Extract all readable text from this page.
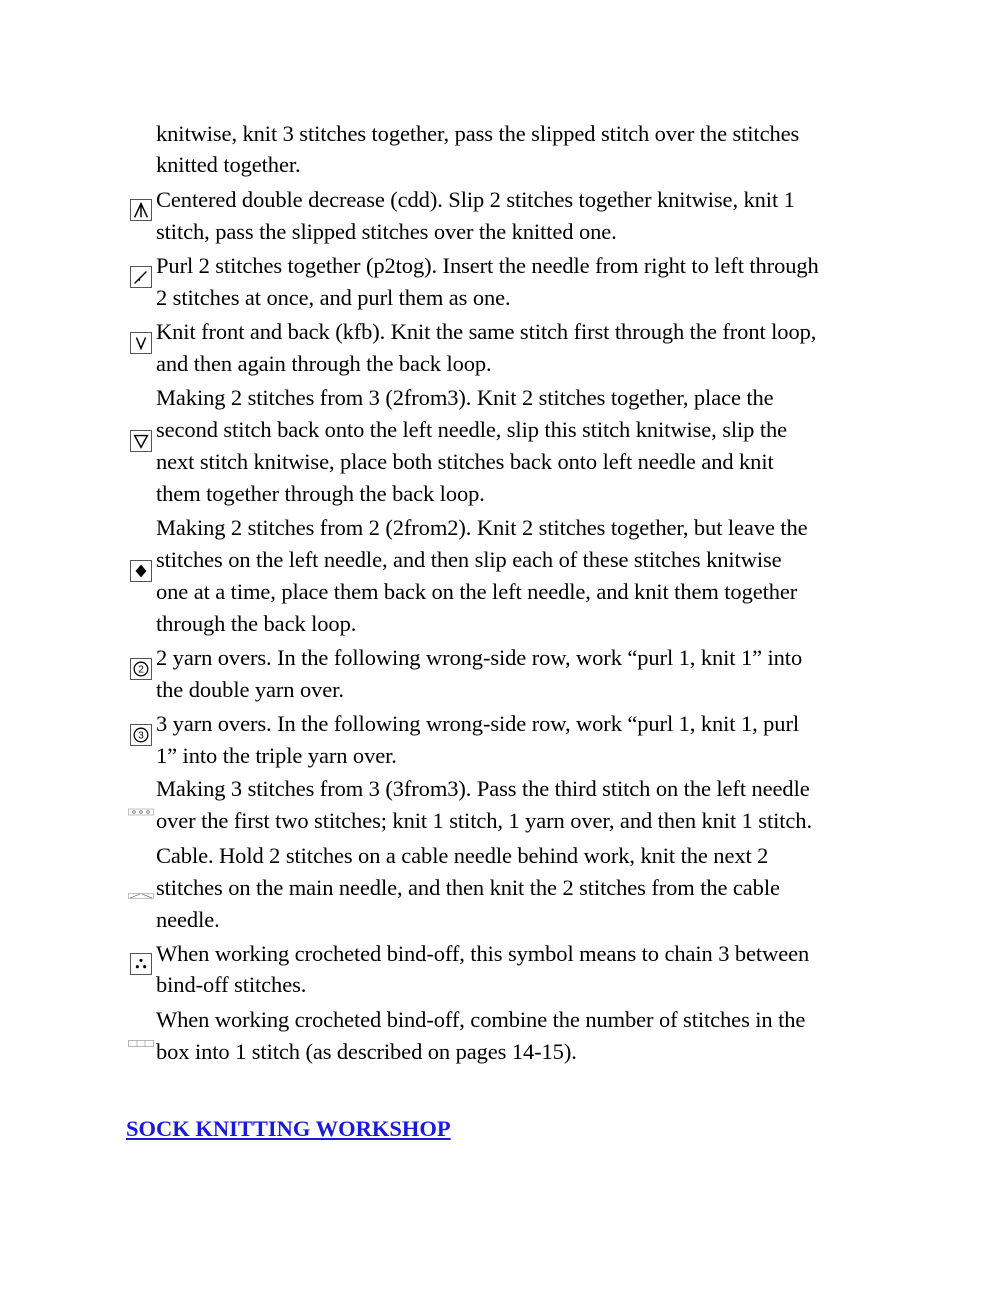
knitwise, knit 3 stitches together, pass the slipped stitch over the stitches
knitted together.
Centered double decrease (cdd). Slip 2 stitches together knitwise, knit 1
stitch, pass the slipped stitches over the knitted one.
Purl 2 stitches together (p2tog). Insert the needle from right to left through
2 stitches at once, and purl them as one.
Knit front and back (kfb). Knit the same stitch first through the front loop,
and then again through the back loop.
Making 2 stitches from 3 (2from3). Knit 2 stitches together, place the
second stitch back onto the left needle, slip this stitch knitwise, slip the
next stitch knitwise, place both stitches back onto left needle and knit
them together through the back loop.
Making 2 stitches from 2 (2from2). Knit 2 stitches together, but leave the
stitches on the left needle, and then slip each of these stitches knitwise
one at a time, place them back on the left needle, and knit them together
through the back loop.
2
2 yarn overs. In the following wrong-side row, work “purl 1, knit 1” into
the double yarn over.
3
3 yarn overs. In the following wrong-side row, work “purl 1, knit 1, purl
1” into the triple yarn over.
Making 3 stitches from 3 (3from3). Pass the third stitch on the left needle
over the first two stitches; knit 1 stitch, 1 yarn over, and then knit 1 stitch.
Cable. Hold 2 stitches on a cable needle behind work, knit the next 2
stitches on the main needle, and then knit the 2 stitches from the cable
needle.
When working crocheted bind-off, this symbol means to chain 3 between
bind-off stitches.
When working crocheted bind-off, combine the number of stitches in the
box into 1 stitch (as described on pages 14-15).
SOCK KNITTING WORKSHOP
